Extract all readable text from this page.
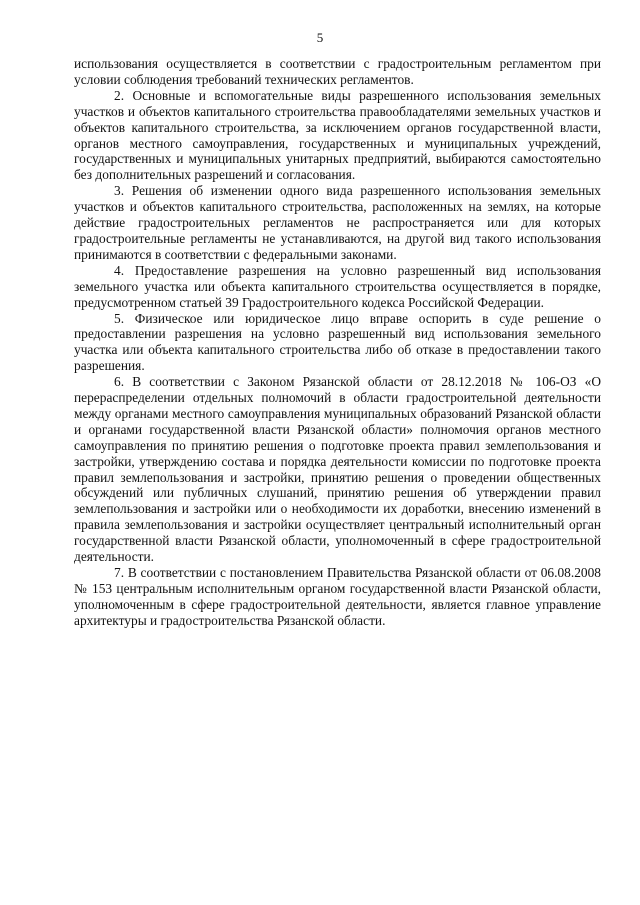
5

использования осуществляется в соответствии с градостроительным регламентом при условии соблюдения требований технических регламентов.

2. Основные и вспомогательные виды разрешенного использования земельных участков и объектов капитального строительства правообладателями земельных участков и объектов капитального строительства, за исключением органов государственной власти, органов местного самоуправления, государственных и муниципальных учреждений, государственных и муниципальных унитарных предприятий, выбираются самостоятельно без дополнительных разрешений и согласования.

3. Решения об изменении одного вида разрешенного использования земельных участков и объектов капитального строительства, расположенных на землях, на которые действие градостроительных регламентов не распространяется или для которых градостроительные регламенты не устанавливаются, на другой вид такого использования принимаются в соответствии с федеральными законами.

4. Предоставление разрешения на условно разрешенный вид использования земельного участка или объекта капитального строительства осуществляется в порядке, предусмотренном статьей 39 Градостроительного кодекса Российской Федерации.

5. Физическое или юридическое лицо вправе оспорить в суде решение о предоставлении разрешения на условно разрешенный вид использования земельного участка или объекта капитального строительства либо об отказе в предоставлении такого разрешения.

6. В соответствии с Законом Рязанской области от 28.12.2018 № 106-ОЗ «О перераспределении отдельных полномочий в области градостроительной деятельности между органами местного самоуправления муниципальных образований Рязанской области и органами государственной власти Рязанской области» полномочия органов местного самоуправления по принятию решения о подготовке проекта правил землепользования и застройки, утверждению состава и порядка деятельности комиссии по подготовке проекта правил землепользования и застройки, принятию решения о проведении общественных обсуждений или публичных слушаний, принятию решения об утверждении правил землепользования и застройки или о необходимости их доработки, внесению изменений в правила землепользования и застройки осуществляет центральный исполнительный орган государственной власти Рязанской области, уполномоченный в сфере градостроительной деятельности.

7. В соответствии с постановлением Правительства Рязанской области от 06.08.2008 № 153 центральным исполнительным органом государственной власти Рязанской области, уполномоченным в сфере градостроительной деятельности, является главное управление архитектуры и градостроительства Рязанской области.
